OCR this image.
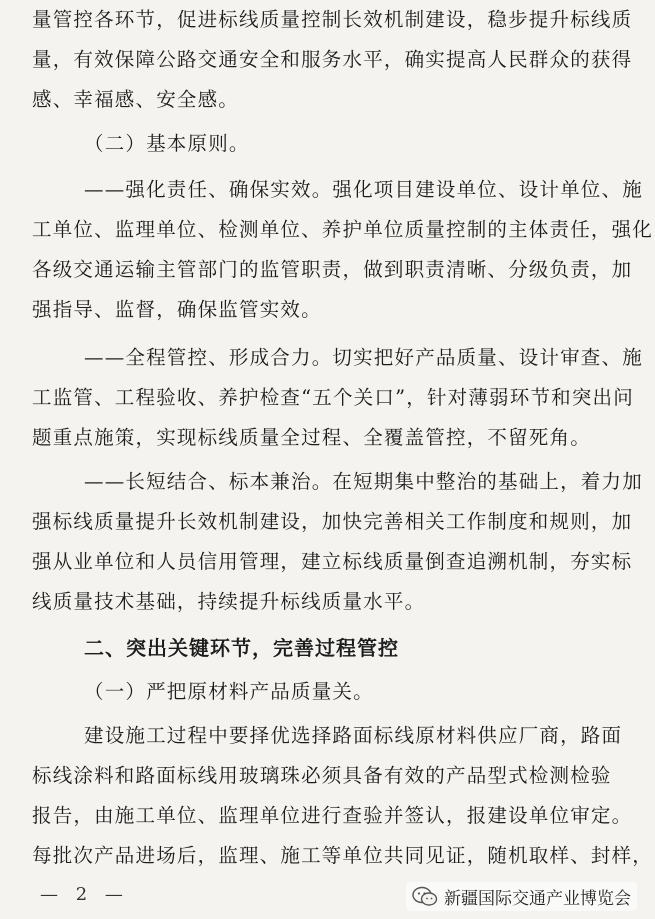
量管控各环节，促进标线质量控制长效机制建设，稳步提升标线质
量，有效保障公路交通安全和服务水平，确实提高人民群众的获得
感、幸福感、安全感。

（二）基本原则。

——强化责任、确保实效。强化项目建设单位、设计单位、施
工单位、监理单位、检测单位、养护单位质量控制的主体责任，强化
各级交通运输主管部门的监管职责，做到职责清晰、分级负责，加
强指导、监督，确保监管实效。

——全程管控、形成合力。切实把好产品质量、设计审查、施
工监管、工程验收、养护检查“五个关口”，针对薄弱环节和突出问
题重点施策，实现标线质量全过程、全覆盖管控，不留死角。

——长短结合、标本兼治。在短期集中整治的基础上，着力加
强标线质量提升长效机制建设，加快完善相关工作制度和规则，加
强从业单位和人员信用管理，建立标线质量倒查追溯机制，夯实标
线质量技术基础，持续提升标线质量水平。

二、突出关键环节，完善过程管控

（一）严把原材料产品质量关。

建设施工过程中要择优选择路面标线原材料供应厂商，路面
标线涂料和路面标线用玻璃珠必须具备有效的产品型式检测检验
报告，由施工单位、监理单位进行查验并签认，报建设单位审定。
每批次产品进场后，监理、施工等单位共同见证，随机取样、封样，

— 2 —	新疆国际交通产业博览会
